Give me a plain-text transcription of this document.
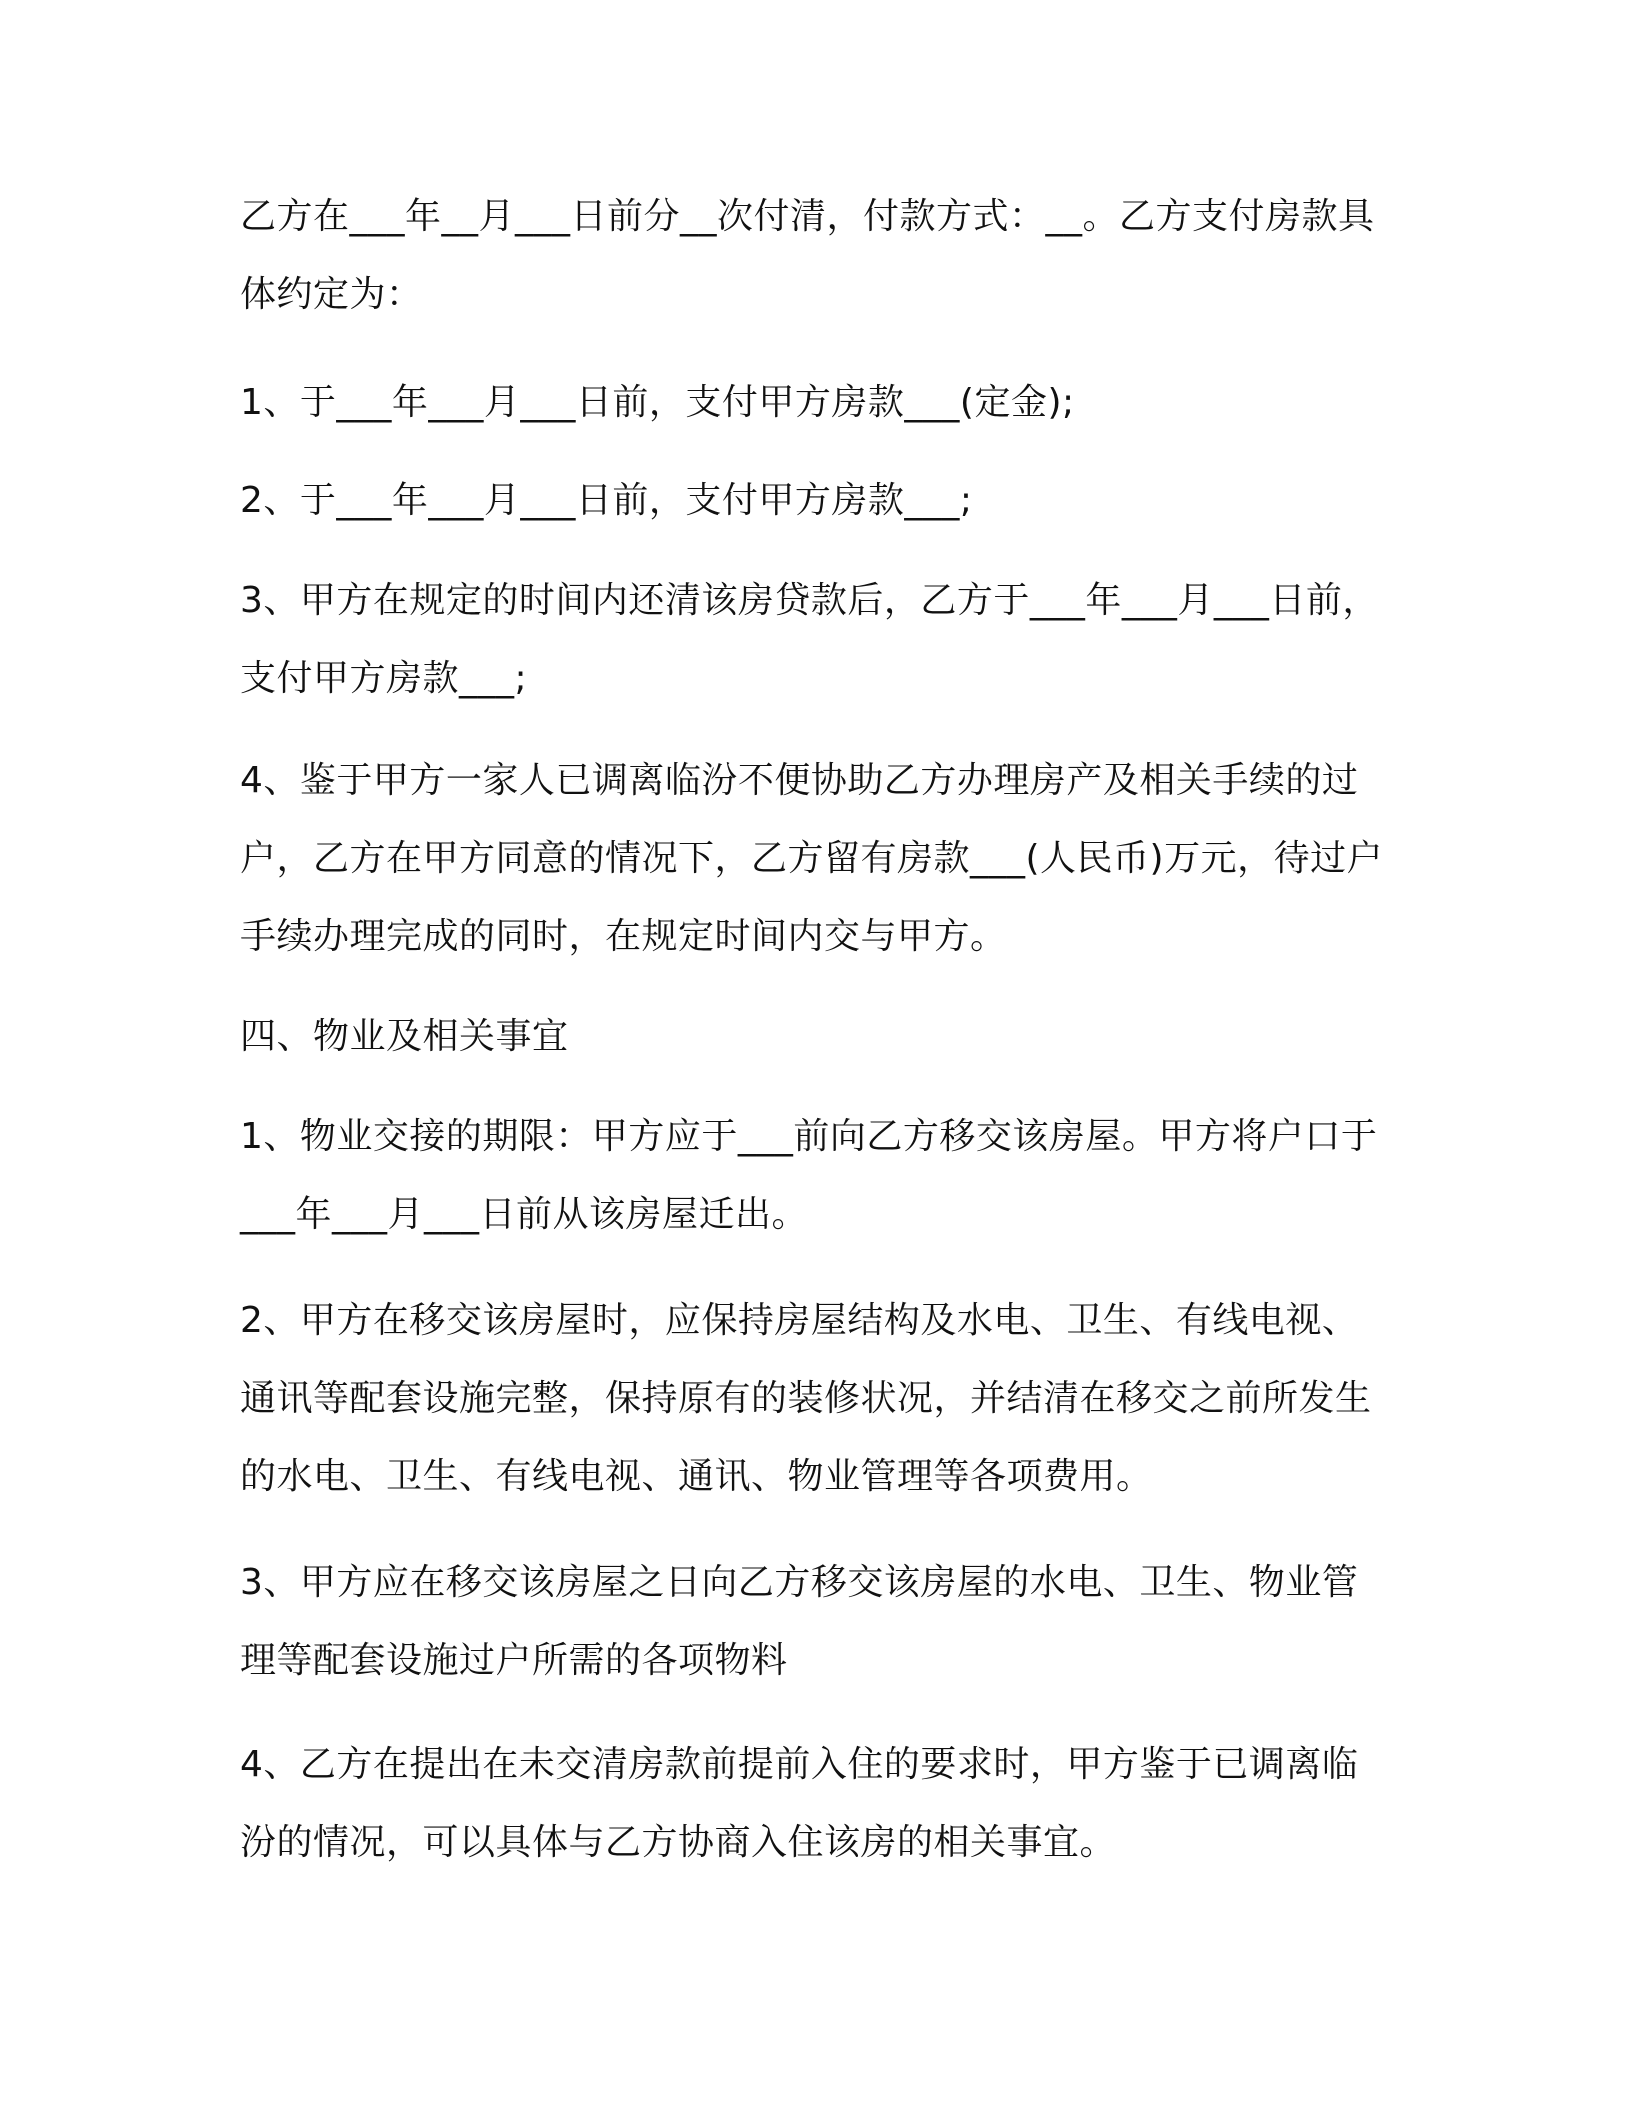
乙方在___年__月___日前分__次付清，付款方式：__。乙方支付房款具体约定为：

1、于___年___月___日前，支付甲方房款___(定金);

2、于___年___月___日前，支付甲方房款___;

3、甲方在规定的时间内还清该房贷款后，乙方于___年___月___日前，支付甲方房款___;

4、鉴于甲方一家人已调离临汾不便协助乙方办理房产及相关手续的过户，乙方在甲方同意的情况下，乙方留有房款___(人民币)万元，待过户手续办理完成的同时，在规定时间内交与甲方。

四、物业及相关事宜

1、物业交接的期限：甲方应于___前向乙方移交该房屋。甲方将户口于___年___月___日前从该房屋迁出。

2、甲方在移交该房屋时，应保持房屋结构及水电、卫生、有线电视、通讯等配套设施完整，保持原有的装修状况，并结清在移交之前所发生的水电、卫生、有线电视、通讯、物业管理等各项费用。

3、甲方应在移交该房屋之日向乙方移交该房屋的水电、卫生、物业管理等配套设施过户所需的各项物料

4、乙方在提出在未交清房款前提前入住的要求时，甲方鉴于已调离临汾的情况，可以具体与乙方协商入住该房的相关事宜。
